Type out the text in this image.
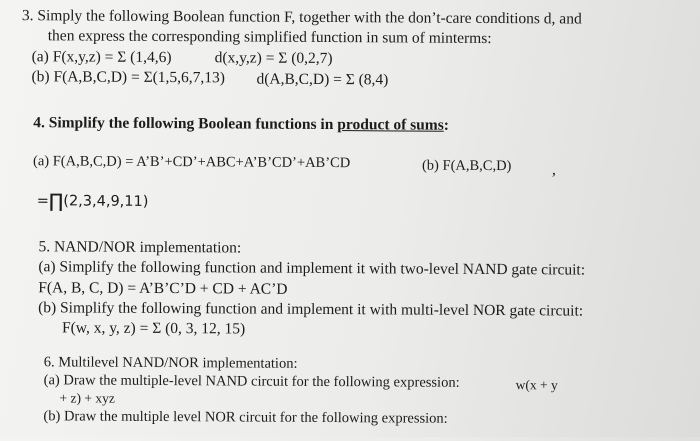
3. Simply the following Boolean function F, together with the don’t-care conditions d, and
then express the corresponding simplified function in sum of minterms:
(a) F(x,y,z) = Σ (1,4,6)	d(x,y,z) = Σ (0,2,7)
(b) F(A,B,C,D) = Σ(1,5,6,7,13) d(A,B,C,D) = Σ (8,4)
4. Simplify the following Boolean functions in product of sums:
(a) F(A,B,C,D) = A’B’+CD’+ABC+A’B’CD’+AB’CD	(b) F(A,B,C,D)	,
=∏(2,3,4,9,11)
5. NAND/NOR implementation:
(a) Simplify the following function and implement it with two-level NAND gate circuit:
F(A, B, C, D) = A’B’C’D + CD + AC’D
(b) Simplify the following function and implement it with multi-level NOR gate circuit:
F(w, x, y, z) = Σ (0, 3, 12, 15)
6. Multilevel NAND/NOR implementation:
(a) Draw the multiple-level NAND circuit for the following expression:	w(x + y
+ z) + xyz
(b) Draw the multiple level NOR circuit for the following expression:
